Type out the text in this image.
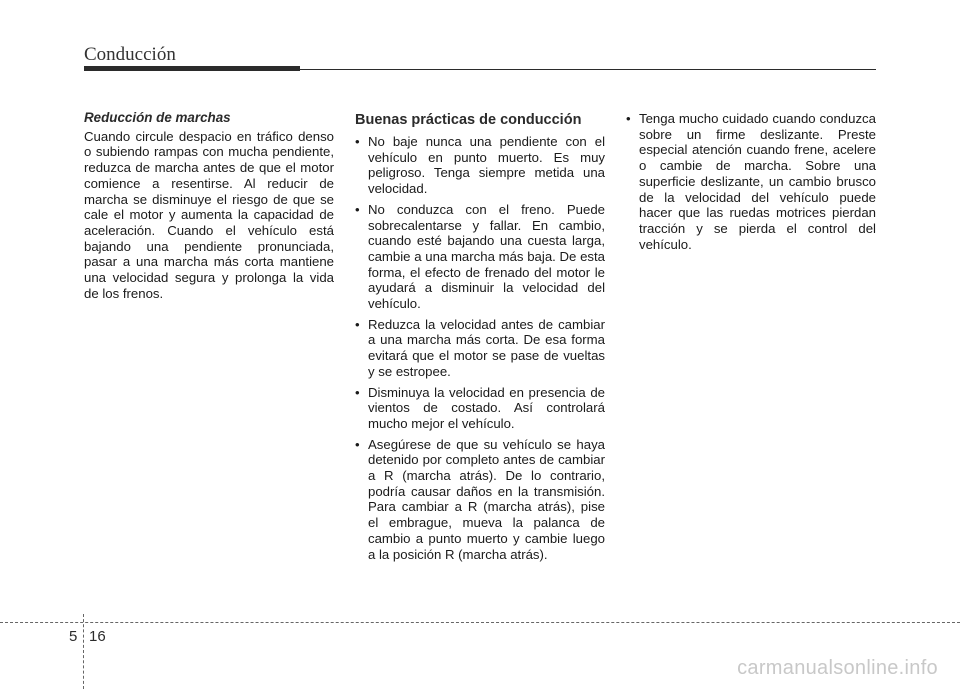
Conducción
Reducción de marchas

Cuando circule despacio en tráfico denso o subiendo rampas con mucha pendiente, reduzca de marcha antes de que el motor comience a resentirse. Al reducir de marcha se disminuye el riesgo de que se cale el motor y aumenta la capacidad de aceleración. Cuando el vehículo está bajando una pendiente pronunciada, pasar a una marcha más corta mantiene una velocidad segura y prolonga la vida de los frenos.

Buenas prácticas de conducción
• No baje nunca una pendiente con el vehículo en punto muerto. Es muy peligroso. Tenga siempre metida una velocidad.
• No conduzca con el freno. Puede sobrecalentarse y fallar. En cambio, cuando esté bajando una cuesta larga, cambie a una marcha más baja. De esta forma, el efecto de frenado del motor le ayudará a disminuir la velocidad del vehículo.
• Reduzca la velocidad antes de cambiar a una marcha más corta. De esa forma evitará que el motor se pase de vueltas y se estropee.
• Disminuya la velocidad en presencia de vientos de costado. Así controlará mucho mejor el vehículo.
• Asegúrese de que su vehículo se haya detenido por completo antes de cambiar a R (marcha atrás). De lo contrario, podría causar daños en la transmisión. Para cambiar a R (marcha atrás), pise el embrague, mueva la palanca de cambio a punto muerto y cambie luego a la posición R (marcha atrás).
• Tenga mucho cuidado cuando conduzca sobre un firme deslizante. Preste especial atención cuando frene, acelere o cambie de marcha. Sobre una superficie deslizante, un cambio brusco de la velocidad del vehículo puede hacer que las ruedas motrices pierdan tracción y se pierda el control del vehículo.
5 16
carmanualsonline.info
